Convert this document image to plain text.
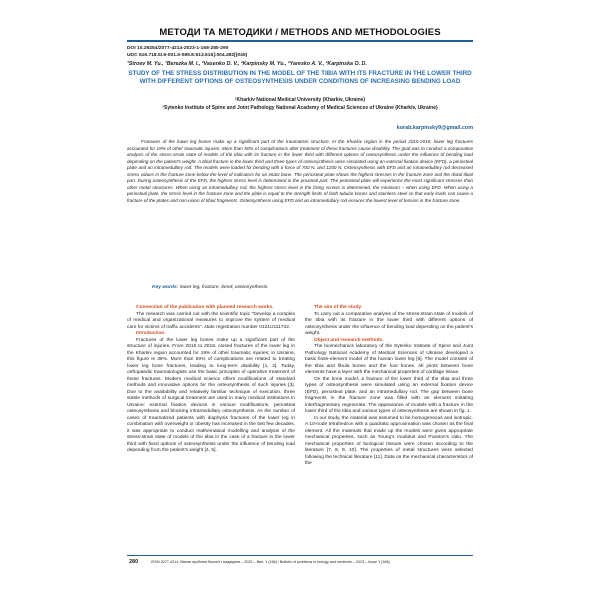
МЕТОДИ ТА МЕТОДИКИ / METHODS AND METHODOLOGIES
DOI 10.29254/2077-4214-2023-1-168-280-290
UDC 616.718.5/.6-001.5-089.8:613.615]:004.492[(045)
¹Stroev M. Yu., ¹Berezka M. I., ²Vasenko D. V., ²Karpinsky M. Yu., ²Yaresko A. V., ²Karpinska O. D.
STUDY OF THE STRESS DISTRIBUTION IN THE MODEL OF THE TIBIA WITH ITS FRACTURE IN THE LOWER THIRD WITH DIFFERENT OPTIONS OF OSTEOSYNTHESIS UNDER CONDITIONS OF INCREASING BENDING LOAD
¹Kharkiv National Medical University (Kharkiv, Ukraine)
²Sytenko Institute of Spine and Joint Pathology National Academy of Medical Sciences of Ukraine (Kharkiv, Ukraine)
korab.karpinsky9@gmail.com

Fractures of the lower leg bones make up a significant part of the traumatism structure. In the Kharkiv region in the period 2015-2018, lower leg fractures accounted for 19% of other traumatic injuries. More than 50% of complications after treatment of these fractures cause disability. The goal was to conduct a comparative analysis of the stress-strain state of models of the tibia with its fracture in the lower third with different options of osteosynthesis under the influence of bending load depending on the patient's weight. A tibial fracture in the lower third and three types of osteosynthesis were simulated using an external fixation device (EFD), a periosteal plate and an intramedullary rod. The models were loaded for bending with a force of 700 N, and 1200 N. Osteosynthesis with EFD and an intramedullary rod decreased stress values in the fracture zone below the level of indicators for an intact bone. The periosteal plate shows the highest stresses in the fracture zone and the distal tibial part. During osteosynthesis of the EFD, the highest stress level is determined in the proximal part. The periosteal plate will experience the most significant stresses than other metal structures. When using an intramedullary rod, the highest stress level in the fixing screws is determined, the minimum – when using EFD. When using a periosteal plate, the stress level in the fracture zone and the plate is equal to the strength limits of both tubular bones and stainless steel so that early loads can cause a fracture of the plates and non-union of tibial fragments. Osteosynthesis using EFD and an intramedullary rod ensures the lowest level of tension in the fracture zone.

Key words: lower leg, fracture, bend, osteosynthesis.

Connection of the publication with planned research works.

The research was carried out with the scientific topic "Develop a complex of medical and organizational measures to improve the system of medical care for victims of traffic accidents", state registration number 0121U111742.

Introduction.

Fractures of the lower leg bones make up a significant part of the structure of injuries. From 2015 to 2018, closed fractures of the lower leg in the Kharkiv region accounted for 19% of other traumatic injuries; in Ukraine, this figure is 36%. More than 50% of complications are related to treating lower leg bone fractures, leading to long-term disability [1, 2]. Today, orthopaedic traumatologists use the basic principles of operative treatment of these fractures. Modern medical science offers modifications of standard methods and innovative options for the osteosynthesis of such injuries [3]. Due to the availability and relatively familiar technique of execution, three stable methods of surgical treatment are used in many medical institutions in Ukraine: external fixation devices in various modifications, periosteal osteosynthesis and blocking intramedullary osteosynthesis. As the number of cases of traumatized patients with diaphysis fractures of the lower leg in combination with overweight or obesity has increased in the last few decades, it was appropriate to conduct mathematical modelling and analysis of the stress-strain state of models of the tibia in the case of a fracture in the lower third with fixed options of osteosynthesis under the influence of bending load depending from the patient's weight [4, 5].

The aim of the study.

To carry out a comparative analysis of the stress-strain state of models of the tibia with its fracture in the lower third with different options of osteosynthesis under the influence of bending load depending on the patient's weight.

Object and research methods.

The biomechanics laboratory of the Sytenko Institute of Spine and Joint Pathology National Academy of Medical Sciences of Ukraine developed a basic finite-element model of the human lower leg [6]. The model consists of the tibia and fibula bones and the foot bones. All joints between bone elements have a layer with the mechanical properties of cartilage tissue.

On the bone model, a fracture of the lower third of the tibia and three types of osteosynthesis were simulated using an external fixation device (EFD), periosteal plate, and an intramedullary rod. The gap between bone fragments in the fracture zone was filled with an element imitating interfragmentary regenerate. The appearance of models with a fracture in the lower third of the tibia and various types of osteosynthesis are shown in fig. 1.

In our study, the material was assumed to be homogeneous and isotropic. A 10-node tetrahedron with a quadratic approximation was chosen as the final element. All the materials that made up the models were given appropriate mechanical properties, such as Young's modulus and Poisson's ratio. The mechanical properties of biological tissues were chosen according to the literature [7, 8, 9, 10]. The properties of metal structures were selected following the technical literature [11]. Data on the mechanical characteristics of the

280	ISSN 2077-4214. Вісник проблем біології і медицини – 2023 – Вип. 1 (168) / Bulletin of problems in biology and medicine – 2023 – Issue 1 (168)
